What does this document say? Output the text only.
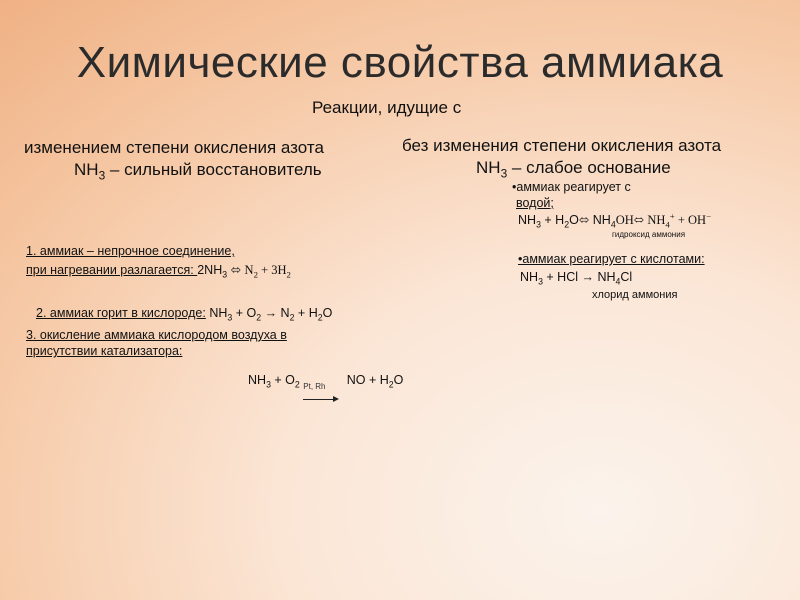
Химические свойства аммиака
Реакции, идущие с
изменением степени окисления азота
$NH_3$ – сильный восстановитель
1. аммиак – непрочное соединение,
при нагревании разлагается: $2NH_3$ ⬄ $N_2 + 3H_2$
2. аммиак горит в кислороде: $NH_3 + O_2 \to N_2 + H_2O$
3. окисление аммиака кислородом воздуха в
присутствии катализатора:
$NH_3 + O_2$ Pt, Rh NO + $H_2O$
без изменения степени окисления азота
$NH_3$ – слабое основание
•аммиак реагирует с
водой;
$NH_3$ + $H_2O⬄$ $NH_4OH⬄$ $NH_4^+ + OH^-$
гидроксид аммония
•аммиак реагирует с кислотами:
$NH_3$ + HCl → $NH_4Cl$
хлорид аммония
